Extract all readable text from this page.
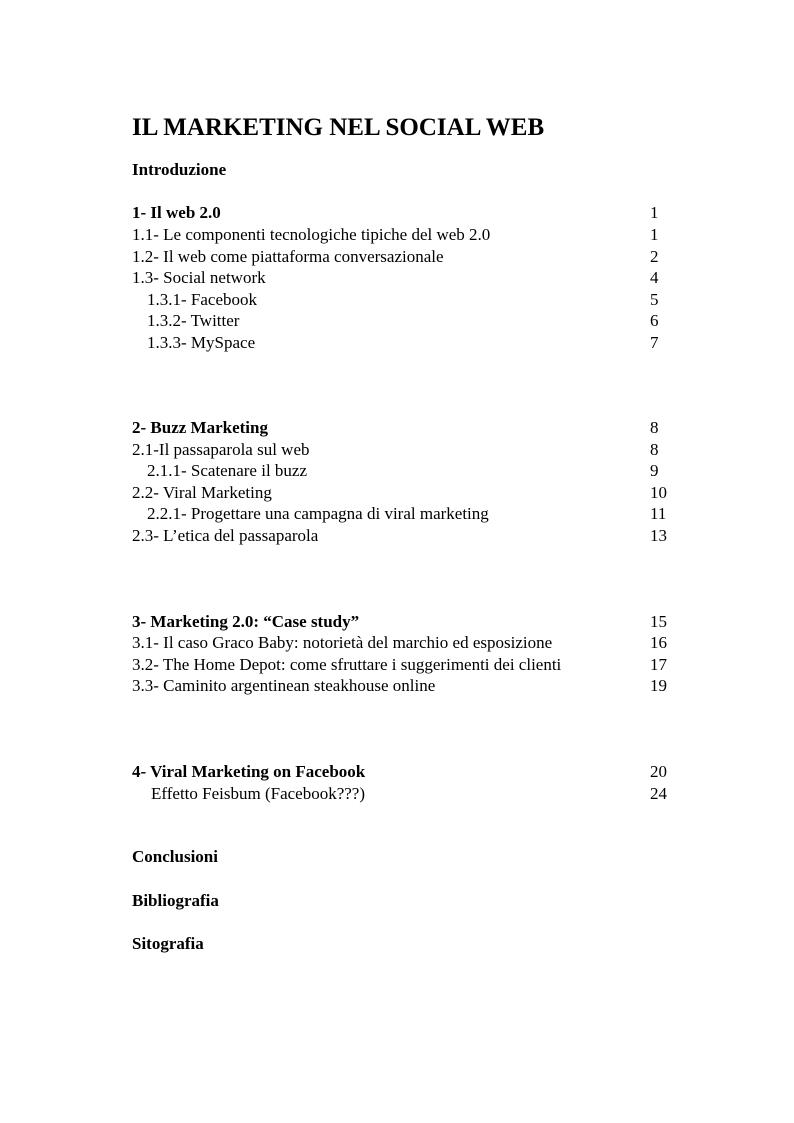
IL MARKETING NEL SOCIAL WEB
Introduzione
1- Il web 2.0	1
1.1- Le componenti tecnologiche tipiche del web 2.0	1
1.2- Il web come piattaforma conversazionale	2
1.3- Social network	4
1.3.1- Facebook	5
1.3.2- Twitter	6
1.3.3- MySpace	7
2- Buzz Marketing	8
2.1-Il passaparola sul web	8
2.1.1- Scatenare il buzz	9
2.2- Viral Marketing	10
2.2.1- Progettare una campagna di viral marketing	11
2.3- L’etica del passaparola	13
3- Marketing 2.0: “Case study”	15
3.1- Il caso Graco Baby: notorietà del marchio ed esposizione	16
3.2- The Home Depot: come sfruttare i suggerimenti dei clienti	17
3.3- Caminito argentinean steakhouse online	19
4- Viral Marketing on Facebook	20
Effetto Feisbum (Facebook???)	24
Conclusioni
Bibliografia
Sitografia
